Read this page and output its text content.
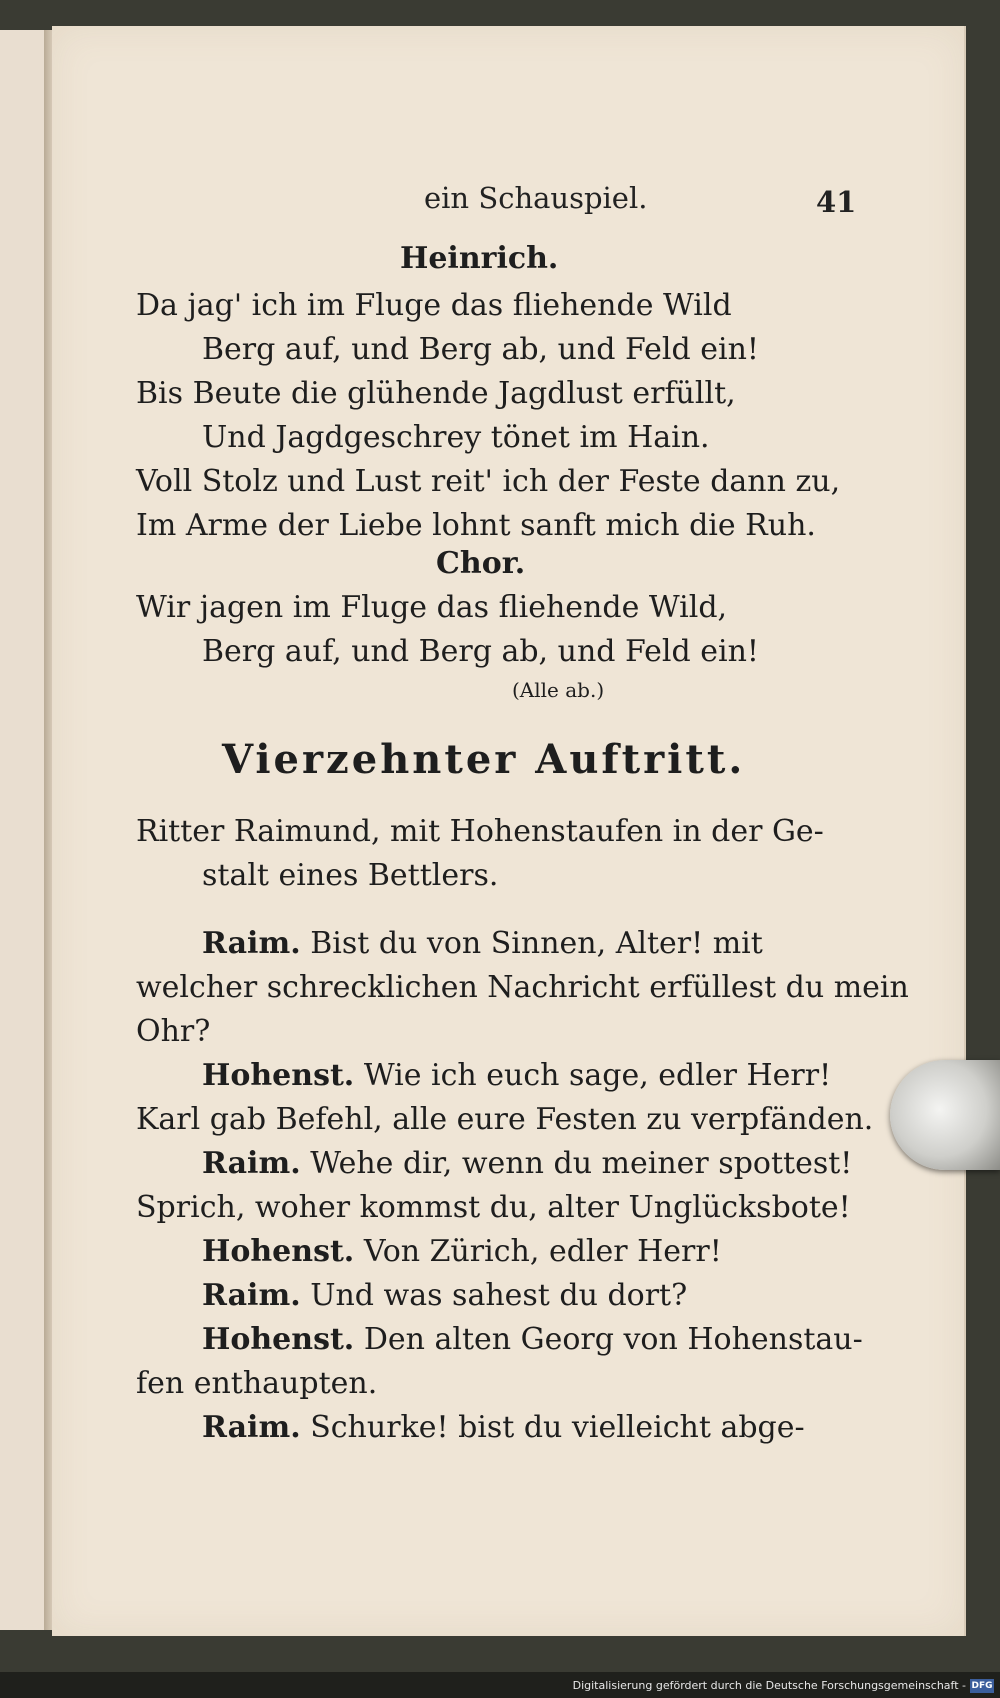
ein Schauspiel.	41
Heinrich.
Da jag' ich im Fluge das fliehende Wild
Berg auf, und Berg ab, und Feld ein!
Bis Beute die glühende Jagdlust erfüllt,
Und Jagdgeschrey tönet im Hain.
Voll Stolz und Lust reit' ich der Feste dann zu,
Im Arme der Liebe lohnt sanft mich die Ruh.
Chor.
Wir jagen im Fluge das fliehende Wild,
Berg auf, und Berg ab, und Feld ein!
(Alle ab.)
Vierzehnter Auftritt.
Ritter Raimund, mit Hohenstaufen in der Ge-
stalt eines Bettlers.
Raim. Bist du von Sinnen, Alter! mit
welcher schrecklichen Nachricht erfüllest du mein
Ohr?
Hohenst. Wie ich euch sage, edler Herr!
Karl gab Befehl, alle eure Festen zu verpfänden.
Raim. Wehe dir, wenn du meiner spottest!
Sprich, woher kommst du, alter Unglücksbote!
Hohenst. Von Zürich, edler Herr!
Raim. Und was sahest du dort?
Hohenst. Den alten Georg von Hohenstau-
fen enthaupten.
Raim. Schurke! bist du vielleicht abge-
Digitalisierung gefördert durch die Deutsche Forschungsgemeinschaft - DFG
